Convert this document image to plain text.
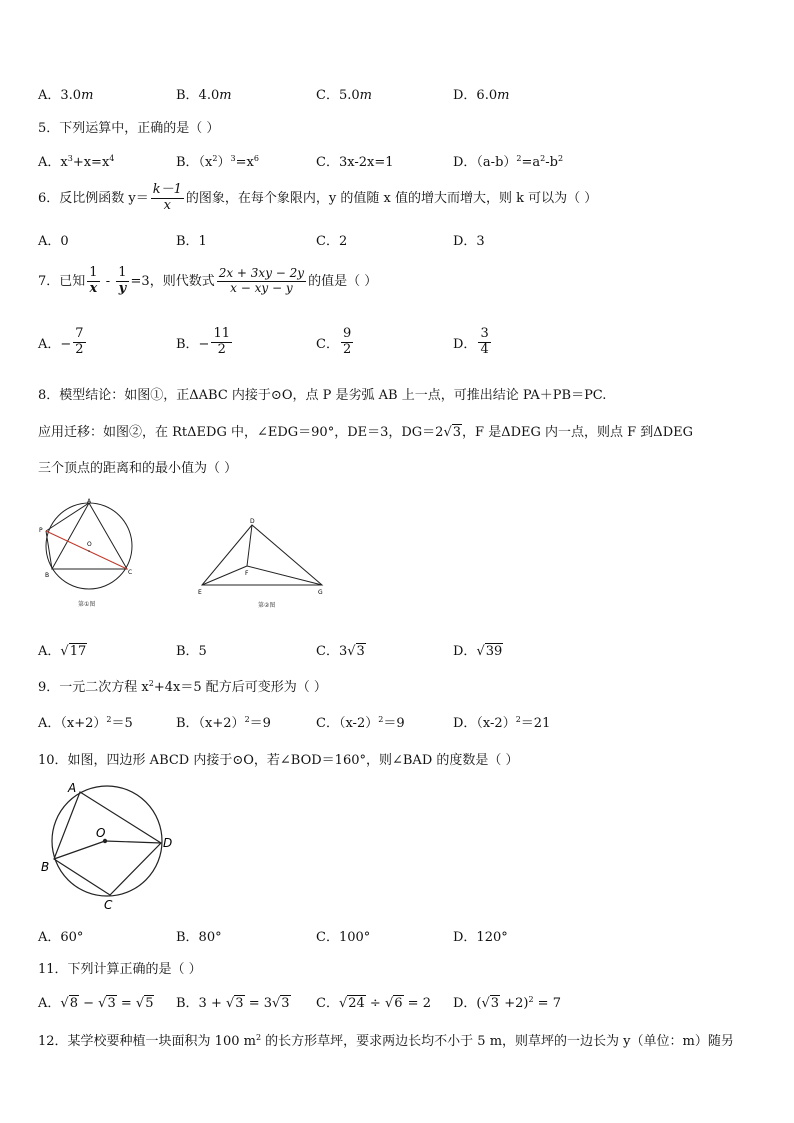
A．3.0m	B．4.0m	C．5.0m	D．6.0m
5．下列运算中，正确的是（ ）
A．$x^3+x=x^4$	B．$(x^2)^3=x^6$	C．3x-2x=1	D．$(a-b)^2=a^2-b^2$
6．反比例函数 $y= \frac{k-1}{x}$ 的图象，在每个象限内，y 的值随 x 值的增大而增大，则 k 可以为（ ）
A．0	B．1	C．2	D．3
7．已知 $\frac{1}{x} - \frac{1}{y} =3$，则代数式 $\frac{2x + 3xy - 2y}{x - xy - y}$ 的值是（ ）
A．− $\frac{7}{2}$	B．− $\frac{11}{2}$	C． $\frac{9}{2}$	D． $\frac{3}{4}$
8．模型结论：如图①，正ΔABC 内接于⊙O，点 P 是劣弧 AB 上一点，可推出结论 PA＋PB＝PC.
应用迁移：如图②，在 RtΔEDG 中，∠EDG＝90°，DE＝3，DG＝2√3，F 是ΔDEG 内一点，则点 F 到ΔDEG
三个顶点的距离和的最小值为（ ）
A
P
B	C
O
第①图
D
F
E	G
第②图
A．√17	B．5	C．3√3	D．√39
9．一元二次方程 $x^2+4x=5$ 配方后可变形为（ ）
A．$(x+2)^2=5$	B．$(x+2)^2=9$	C．$(x-2)^2=9$	D．$(x-2)^2=21$
10．如图，四边形 ABCD 内接于⊙O，若∠BOD＝160°，则∠BAD 的度数是（ ）
A
O
D
B
C
A．60°	B．80°	C．100°	D．120°
11．下列计算正确的是（ ）
A．√8 − √3 = √5 B．3 + √3 = 3√3 C．√24 ÷ √6 = 2 D．$(√3 +2)^2 = 7$
12．某学校要种植一块面积为 100 $m^2$ 的长方形草坪，要求两边长均不小于 5 m，则草坪的一边长为 y（单位：m）随另
